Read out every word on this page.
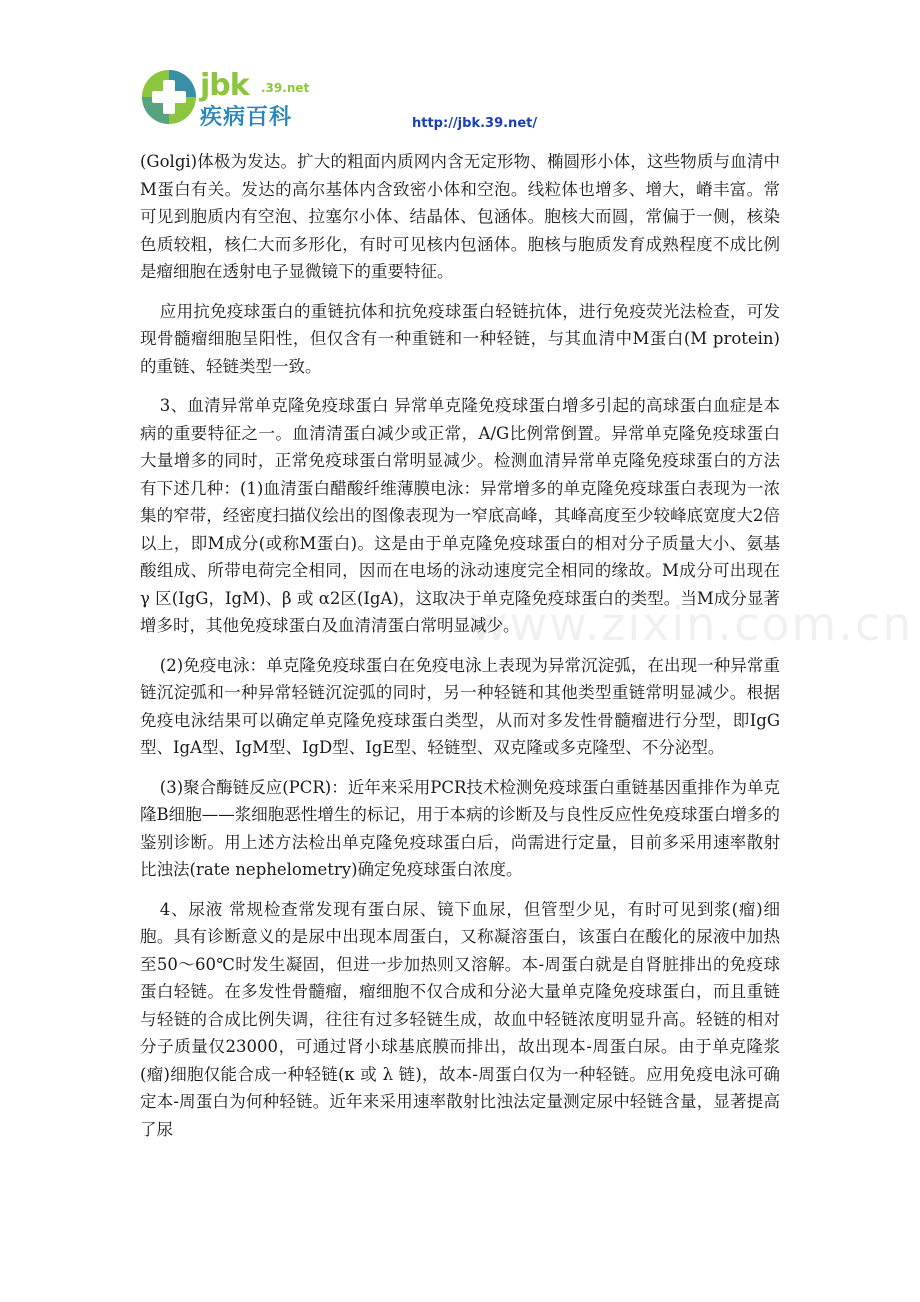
jbk .39.net
疾病百科	http://jbk.39.net/

(Golgi)体极为发达。扩大的粗面内质网内含无定形物、椭圆形小体，这些物质与血清中M蛋白有关。发达的高尔基体内含致密小体和空泡。线粒体也增多、增大，嵴丰富。常可见到胞质内有空泡、拉塞尔小体、结晶体、包涵体。胞核大而圆，常偏于一侧，核染色质较粗，核仁大而多形化，有时可见核内包涵体。胞核与胞质发育成熟程度不成比例是瘤细胞在透射电子显微镜下的重要特征。

应用抗免疫球蛋白的重链抗体和抗免疫球蛋白轻链抗体，进行免疫荧光法检查，可发现骨髓瘤细胞呈阳性，但仅含有一种重链和一种轻链，与其血清中M蛋白(M protein)的重链、轻链类型一致。

3、血清异常单克隆免疫球蛋白 异常单克隆免疫球蛋白增多引起的高球蛋白血症是本病的重要特征之一。血清清蛋白减少或正常，A/G比例常倒置。异常单克隆免疫球蛋白大量增多的同时，正常免疫球蛋白常明显减少。检测血清异常单克隆免疫球蛋白的方法有下述几种：(1)血清蛋白醋酸纤维薄膜电泳：异常增多的单克隆免疫球蛋白表现为一浓集的窄带，经密度扫描仪绘出的图像表现为一窄底高峰，其峰高度至少较峰底宽度大2倍以上，即M成分(或称M蛋白)。这是由于单克隆免疫球蛋白的相对分子质量大小、氨基酸组成、所带电荷完全相同，因而在电场的泳动速度完全相同的缘故。M成分可出现在 γ 区(IgG，IgM)、β 或 α2区(IgA)，这取决于单克隆免疫球蛋白的类型。当M成分显著增多时，其他免疫球蛋白及血清清蛋白常明显减少。

(2)免疫电泳：单克隆免疫球蛋白在免疫电泳上表现为异常沉淀弧，在出现一种异常重链沉淀弧和一种异常轻链沉淀弧的同时，另一种轻链和其他类型重链常明显减少。根据免疫电泳结果可以确定单克隆免疫球蛋白类型，从而对多发性骨髓瘤进行分型，即IgG型、IgA型、IgM型、IgD型、IgE型、轻链型、双克隆或多克隆型、不分泌型。

(3)聚合酶链反应(PCR)：近年来采用PCR技术检测免疫球蛋白重链基因重排作为单克隆B细胞——浆细胞恶性增生的标记，用于本病的诊断及与良性反应性免疫球蛋白增多的鉴别诊断。用上述方法检出单克隆免疫球蛋白后，尚需进行定量，目前多采用速率散射比浊法(rate nephelometry)确定免疫球蛋白浓度。

4、尿液 常规检查常发现有蛋白尿、镜下血尿，但管型少见，有时可见到浆(瘤)细胞。具有诊断意义的是尿中出现本周蛋白，又称凝溶蛋白，该蛋白在酸化的尿液中加热至50～60℃时发生凝固，但进一步加热则又溶解。本-周蛋白就是自肾脏排出的免疫球蛋白轻链。在多发性骨髓瘤，瘤细胞不仅合成和分泌大量单克隆免疫球蛋白，而且重链与轻链的合成比例失调，往往有过多轻链生成，故血中轻链浓度明显升高。轻链的相对分子质量仅23000，可通过肾小球基底膜而排出，故出现本-周蛋白尿。由于单克隆浆(瘤)细胞仅能合成一种轻链(κ 或 λ 链)，故本-周蛋白仅为一种轻链。应用免疫电泳可确定本-周蛋白为何种轻链。近年来采用速率散射比浊法定量测定尿中轻链含量，显著提高了尿

www.zixin.com.cn
